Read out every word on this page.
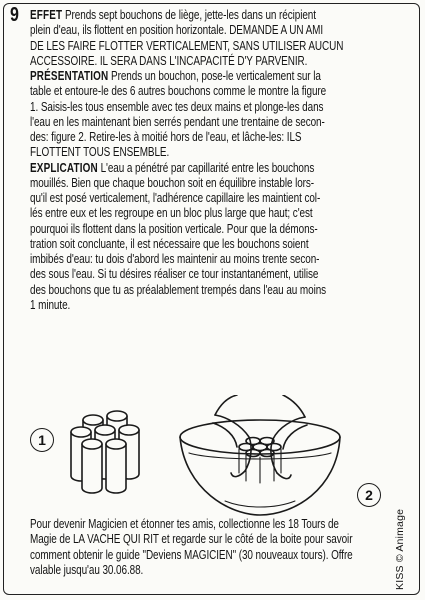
9 EFFET Prends sept bouchons de liège, jette-les dans un récipient
plein d'eau, ils flottent en position horizontale. DEMANDE A UN AMI
DE LES FAIRE FLOTTER VERTICALEMENT, SANS UTILISER AUCUN
ACCESSOIRE. IL SERA DANS L'INCAPACITÉ D'Y PARVENIR.
PRÉSENTATION Prends un bouchon, pose-le verticalement sur la
table et entoure-le des 6 autres bouchons comme le montre la figure
1. Saisis-les tous ensemble avec tes deux mains et plonge-les dans
l'eau en les maintenant bien serrés pendant une trentaine de secon-
des: figure 2. Retire-les à moitié hors de l'eau, et lâche-les: ILS
FLOTTENT TOUS ENSEMBLE.
EXPLICATION L'eau a pénétré par capillarité entre les bouchons
mouillés. Bien que chaque bouchon soit en équilibre instable lors-
qu'il est posé verticalement, l'adhérence capillaire les maintient col-
lés entre eux et les regroupe en un bloc plus large que haut; c'est
pourquoi ils flottent dans la position verticale. Pour que la démons-
tration soit concluante, il est nécessaire que les bouchons soient
imbibés d'eau: tu dois d'abord les maintenir au moins trente secon-
des sous l'eau. Si tu désires réaliser ce tour instantanément, utilise
des bouchons que tu as préalablement trempés dans l'eau au moins
1 minute.
1
2
Pour devenir Magicien et étonner tes amis, collectionne les 18 Tours de
Magie de LA VACHE QUI RIT et regarde sur le côté de la boite pour savoir
comment obtenir le guide "Deviens MAGICIEN" (30 nouveaux tours). Offre
valable jusqu'au 30.06.88.	KISS © Animage
